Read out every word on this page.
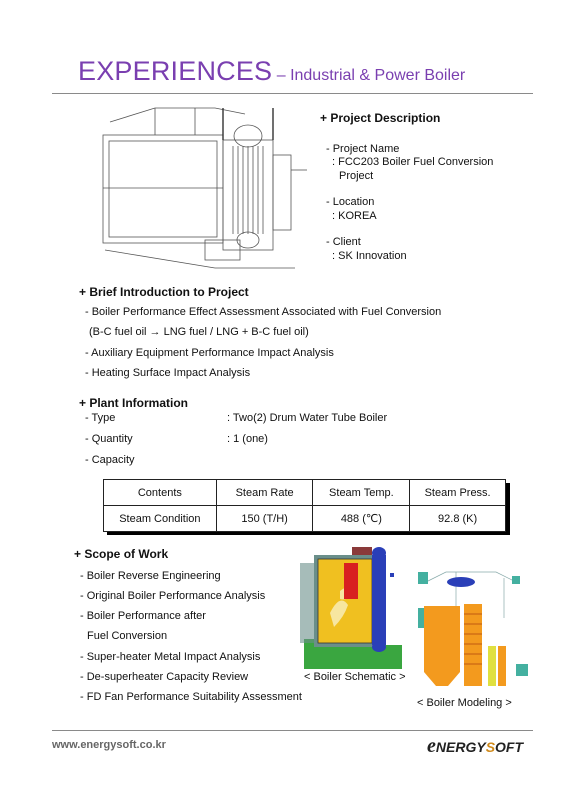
EXPERIENCES – Industrial & Power Boiler
+ Project Description
- Project Name
: FCC203 Boiler Fuel Conversion
Project
- Location
: KOREA
- Client
: SK Innovation
+ Brief Introduction to Project
- Boiler Performance Effect Assessment Associated with Fuel Conversion
(B-C fuel oil → LNG fuel / LNG + B-C fuel oil)
- Auxiliary Equipment Performance Impact Analysis
- Heating Surface Impact Analysis
+ Plant Information
- Type	: Two(2) Drum Water Tube Boiler
- Quantity	: 1 (one)
- Capacity
Contents	Steam Rate	Steam Temp.	Steam Press.
Steam Condition	150 (T/H)	488 (℃)	92.8 (K)
+ Scope of Work
- Boiler Reverse Engineering
- Original Boiler Performance Analysis
- Boiler Performance after
Fuel Conversion
- Super-heater Metal Impact Analysis
- De-superheater Capacity Review
- FD Fan Performance Suitability Assessment
< Boiler Schematic >
< Boiler Modeling >
www.energysoft.co.kr	eNERGYSOFT
